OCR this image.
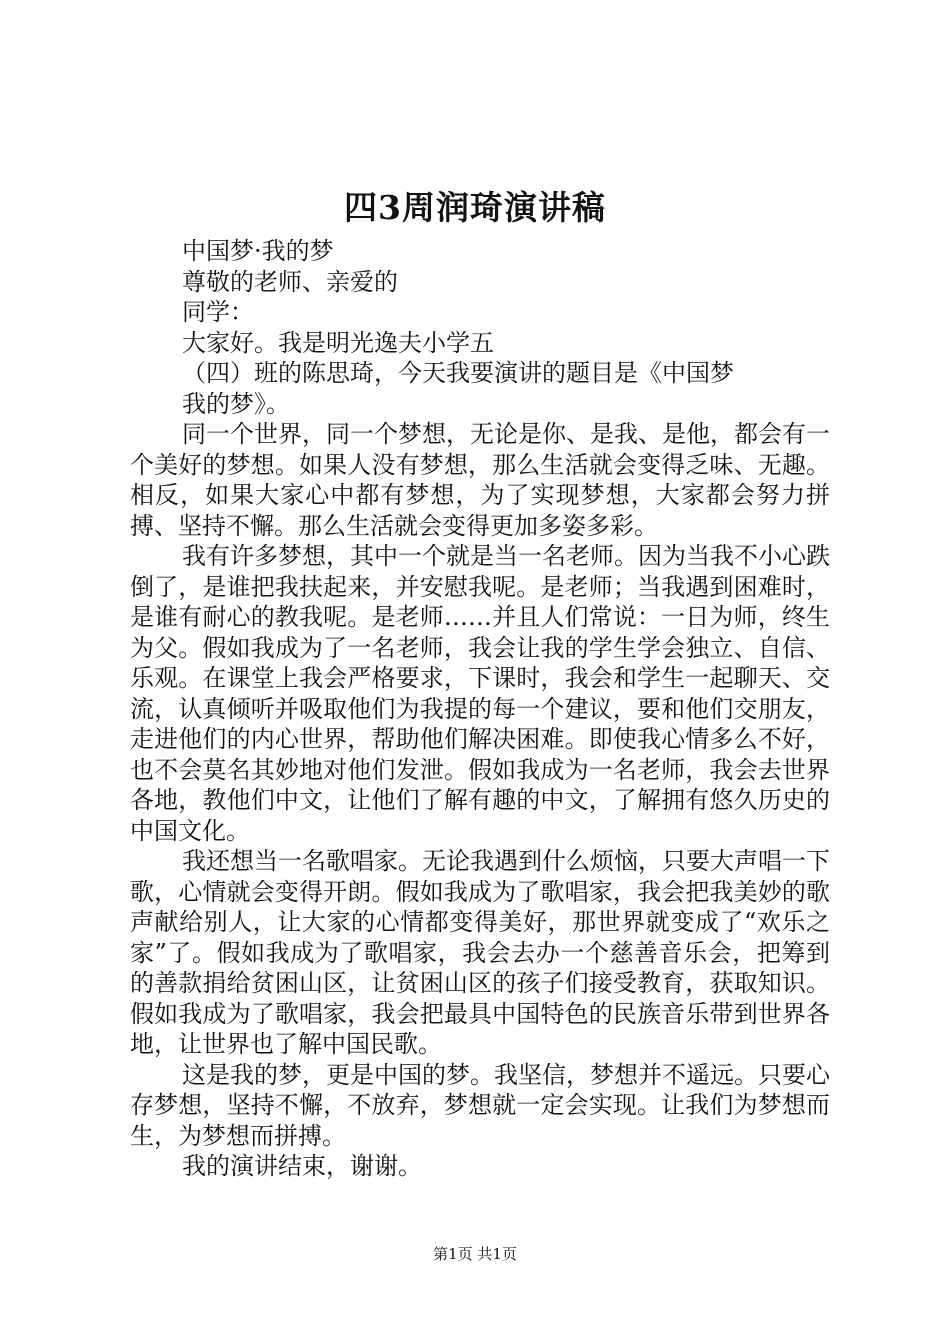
四3周润琦演讲稿
中国梦·我的梦
尊敬的老师、亲爱的
同学：
大家好。我是明光逸夫小学五
（四）班的陈思琦，今天我要演讲的题目是《中国梦
我的梦》。

同一个世界，同一个梦想，无论是你、是我、是他，都会有一个美好的梦想。如果人没有梦想，那么生活就会变得乏味、无趣。相反，如果大家心中都有梦想，为了实现梦想，大家都会努力拼搏、坚持不懈。那么生活就会变得更加多姿多彩。

我有许多梦想，其中一个就是当一名老师。因为当我不小心跌倒了，是谁把我扶起来，并安慰我呢。是老师；当我遇到困难时，是谁有耐心的教我呢。是老师……并且人们常说：一日为师，终生为父。假如我成为了一名老师，我会让我的学生学会独立、自信、乐观。在课堂上我会严格要求，下课时，我会和学生一起聊天、交流，认真倾听并吸取他们为我提的每一个建议，要和他们交朋友，走进他们的内心世界，帮助他们解决困难。即使我心情多么不好，也不会莫名其妙地对他们发泄。假如我成为一名老师，我会去世界各地，教他们中文，让他们了解有趣的中文，了解拥有悠久历史的中国文化。

我还想当一名歌唱家。无论我遇到什么烦恼，只要大声唱一下歌，心情就会变得开朗。假如我成为了歌唱家，我会把我美妙的歌声献给别人，让大家的心情都变得美好，那世界就变成了“欢乐之家”了。假如我成为了歌唱家，我会去办一个慈善音乐会，把筹到的善款捐给贫困山区，让贫困山区的孩子们接受教育，获取知识。假如我成为了歌唱家，我会把最具中国特色的民族音乐带到世界各地，让世界也了解中国民歌。

这是我的梦，更是中国的梦。我坚信，梦想并不遥远。只要心存梦想，坚持不懈，不放弃，梦想就一定会实现。让我们为梦想而生，为梦想而拼搏。

我的演讲结束，谢谢。

第1页 共1页
